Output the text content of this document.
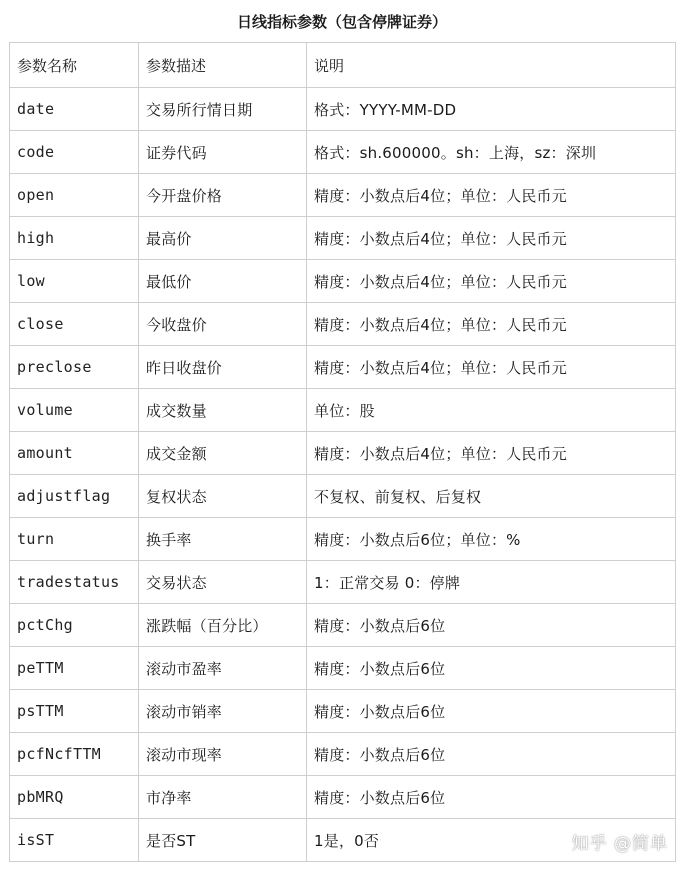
日线指标参数（包含停牌证券）
参数名称	参数描述	说明
date	交易所行情日期	格式：YYYY-MM-DD
code	证券代码	格式：sh.600000。sh：上海，sz：深圳
open	今开盘价格	精度：小数点后4位；单位：人民币元
high	最高价	精度：小数点后4位；单位：人民币元
low	最低价	精度：小数点后4位；单位：人民币元
close	今收盘价	精度：小数点后4位；单位：人民币元
preclose	昨日收盘价	精度：小数点后4位；单位：人民币元
volume	成交数量	单位：股
amount	成交金额	精度：小数点后4位；单位：人民币元
adjustflag	复权状态	不复权、前复权、后复权
turn	换手率	精度：小数点后6位；单位：%
tradestatus	交易状态	1：正常交易 0：停牌
pctChg	涨跌幅（百分比）	精度：小数点后6位
peTTM	滚动市盈率	精度：小数点后6位
psTTM	滚动市销率	精度：小数点后6位
pcfNcfTTM	滚动市现率	精度：小数点后6位
pbMRQ	市净率	精度：小数点后6位
isST	是否ST	1是，0否	知乎 @简单
